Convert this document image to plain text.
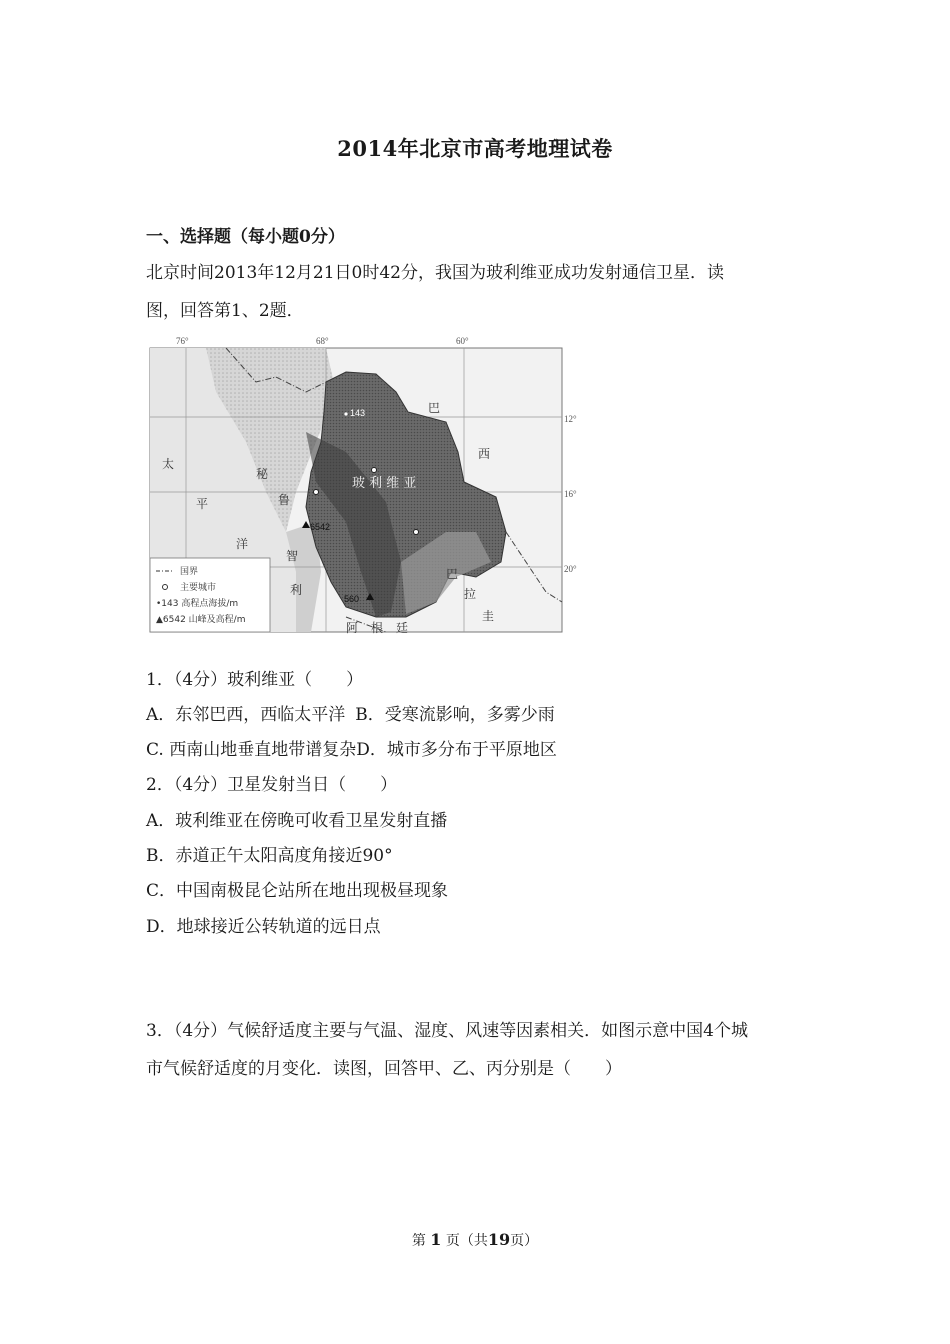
2014年北京市高考地理试卷
一、选择题（每小题0分）
北京时间2013年12月21日0时42分，我国为玻利维亚成功发射通信卫星．读
图，回答第1、2题．
76°	68°	60°
12°
16°
20°
巴
西
秘
鲁
智
利
巴
拉
圭
阿 根 廷
太
平
洋
玻 利 维 亚
143
6542
560
国界
主要城市
•143 高程点海拔/m
▲6542 山峰及高程/m
1．（4分）玻利维亚（　　）
A．东邻巴西，西临太平洋 B．受寒流影响，多雾少雨
C. 西南山地垂直地带谱复杂D．城市多分布于平原地区
2．（4分）卫星发射当日（　　）
A．玻利维亚在傍晚可收看卫星发射直播
B．赤道正午太阳高度角接近90°
C．中国南极昆仑站所在地出现极昼现象
D．地球接近公转轨道的远日点
3．（4分）气候舒适度主要与气温、湿度、风速等因素相关．如图示意中国4个城
市气候舒适度的月变化．读图，回答甲、乙、丙分别是（　　）
第 1 页（共19页）
